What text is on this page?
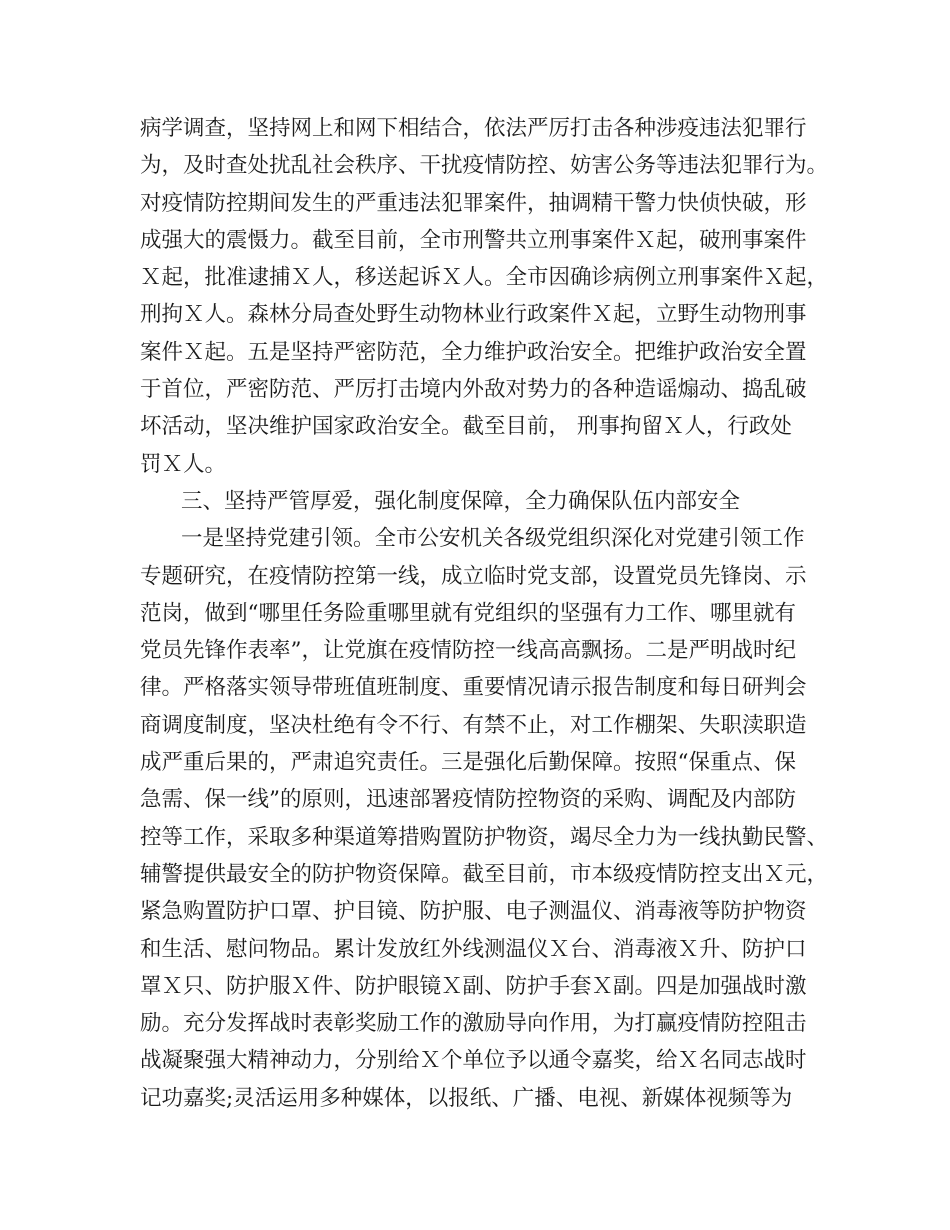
病学调查，坚持网上和网下相结合，依法严厉打击各种涉疫违法犯罪行
为，及时查处扰乱社会秩序、干扰疫情防控、妨害公务等违法犯罪行为。
对疫情防控期间发生的严重违法犯罪案件，抽调精干警力快侦快破，形
成强大的震慑力。截至目前，全市刑警共立刑事案件Ｘ起，破刑事案件
Ｘ起，批准逮捕Ｘ人，移送起诉Ｘ人。全市因确诊病例立刑事案件Ｘ起，
刑拘Ｘ人。森林分局查处野生动物林业行政案件Ｘ起，立野生动物刑事
案件Ｘ起。五是坚持严密防范，全力维护政治安全。把维护政治安全置
于首位，严密防范、严厉打击境内外敌对势力的各种造谣煽动、捣乱破
坏活动，坚决维护国家政治安全。截至目前， 刑事拘留Ｘ人，行政处
罚Ｘ人。
三、坚持严管厚爱，强化制度保障，全力确保队伍内部安全
一是坚持党建引领。全市公安机关各级党组织深化对党建引领工作
专题研究，在疫情防控第一线，成立临时党支部，设置党员先锋岗、示
范岗，做到“哪里任务险重哪里就有党组织的坚强有力工作、哪里就有
党员先锋作表率”，让党旗在疫情防控一线高高飘扬。二是严明战时纪
律。严格落实领导带班值班制度、重要情况请示报告制度和每日研判会
商调度制度，坚决杜绝有令不行、有禁不止，对工作棚架、失职渎职造
成严重后果的，严肃追究责任。三是强化后勤保障。按照“保重点、保
急需、保一线”的原则，迅速部署疫情防控物资的采购、调配及内部防
控等工作，采取多种渠道筹措购置防护物资，竭尽全力为一线执勤民警、
辅警提供最安全的防护物资保障。截至目前，市本级疫情防控支出Ｘ元，
紧急购置防护口罩、护目镜、防护服、电子测温仪、消毒液等防护物资
和生活、慰问物品。累计发放红外线测温仪Ｘ台、消毒液Ｘ升、防护口
罩Ｘ只、防护服Ｘ件、防护眼镜Ｘ副、防护手套Ｘ副。四是加强战时激
励。充分发挥战时表彰奖励工作的激励导向作用，为打赢疫情防控阻击
战凝聚强大精神动力，分别给Ｘ个单位予以通令嘉奖，给Ｘ名同志战时
记功嘉奖;灵活运用多种媒体，以报纸、广播、电视、新媒体视频等为
